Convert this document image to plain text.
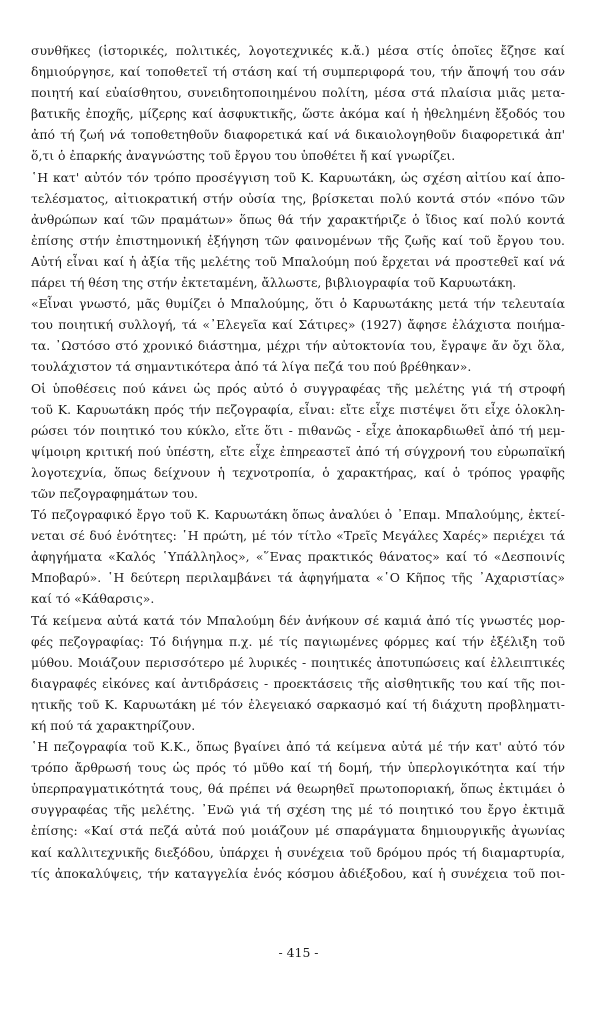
συνθῆκες (ἱστορικές, πολιτικές, λογοτεχνικές κ.ἄ.) μέσα στίς ὁποῖες ἔζησε καί
δημιούργησε, καί τοποθετεῖ τή στάση καί τή συμπεριφορά του, τήν ἄποψή του σάν
ποιητή καί εὐαίσθητου, συνειδητοποιημένου πολίτη, μέσα στά πλαίσια μιᾶς μετα-
βατικῆς ἐποχῆς, μίζερης καί ἀσφυκτικῆς, ὥστε ἀκόμα καί ἡ ἠθελημένη ἔξοδός του
ἀπό τή ζωή νά τοποθετηθοῦν διαφορετικά καί νά δικαιολογηθοῦν διαφορετικά ἀπ'
ὅ,τι ὁ ἐπαρκής ἀναγνώστης τοῦ ἔργου του ὑποθέτει ἤ καί γνωρίζει.
῾Η κατ' αὐτόν τόν τρόπο προσέγγιση τοῦ Κ. Καρυωτάκη, ὡς σχέση αἰτίου καί ἀπο-
τελέσματος, αἰτιοκρατική στήν οὐσία της, βρίσκεται πολύ κοντά στόν «πόνο τῶν
ἀνθρώπων καί τῶν πραμάτων» ὅπως θά τήν χαρακτήριζε ὁ ἴδιος καί πολύ κοντά
ἐπίσης στήν ἐπιστημονική ἐξήγηση τῶν φαινομένων τῆς ζωῆς καί τοῦ ἔργου του.
Αὐτή εἶναι καί ἡ ἀξία τῆς μελέτης τοῦ Μπαλούμη πού ἔρχεται νά προστεθεῖ καί νά
πάρει τή θέση της στήν ἐκτεταμένη, ἄλλωστε, βιβλιογραφία τοῦ Καρυωτάκη.
«Εἶναι γνωστό, μᾶς θυμίζει ὁ Μπαλούμης, ὅτι ὁ Καρυωτάκης μετά τήν τελευταία
του ποιητική συλλογή, τά «᾿Ελεγεῖα καί Σάτιρες» (1927) ἄφησε ἐλάχιστα ποιήμα-
τα. ᾿Ωστόσο στό χρονικό διάστημα, μέχρι τήν αὐτοκτονία του, ἔγραψε ἄν ὄχι ὅλα,
τουλάχιστον τά σημαντικότερα ἀπό τά λίγα πεζά του πού βρέθηκαν».
Οἱ ὑποθέσεις πού κάνει ὡς πρός αὐτό ὁ συγγραφέας τῆς μελέτης γιά τή στροφή
τοῦ Κ. Καρυωτάκη πρός τήν πεζογραφία, εἶναι: εἴτε εἶχε πιστέψει ὅτι εἶχε ὁλοκλη-
ρώσει τόν ποιητικό του κύκλο, εἴτε ὅτι - πιθανῶς - εἶχε ἀποκαρδιωθεῖ ἀπό τή μεμ-
ψίμοιρη κριτική πού ὑπέστη, εἴτε εἶχε ἐπηρεαστεῖ ἀπό τή σύγχρονή του εὐρωπαϊκή
λογοτεχνία, ὅπως δείχνουν ἡ τεχνοτροπία, ὁ χαρακτήρας, καί ὁ τρόπος γραφῆς
τῶν πεζογραφημάτων του.
Τό πεζογραφικό ἔργο τοῦ Κ. Καρυωτάκη ὅπως ἀναλύει ὁ ᾿Επαμ. Μπαλούμης, ἐκτεί-
νεται σέ δυό ἑνότητες: ῾Η πρώτη, μέ τόν τίτλο «Τρεῖς Μεγάλες Χαρές» περιέχει τά
ἀφηγήματα «Καλός ῾Υπάλληλος», «῞Ενας πρακτικός θάνατος» καί τό «Δεσποινίς
Μποβαρύ». ῾Η δεύτερη περιλαμβάνει τά ἀφηγήματα «῾Ο Κῆπος τῆς ᾿Αχαριστίας»
καί τό «Κάθαρσις».
Τά κείμενα αὐτά κατά τόν Μπαλούμη δέν ἀνήκουν σέ καμιά ἀπό τίς γνωστές μορ-
φές πεζογραφίας: Τό διήγημα π.χ. μέ τίς παγιωμένες φόρμες καί τήν ἐξέλιξη τοῦ
μύθου. Μοιάζουν περισσότερο μέ λυρικές - ποιητικές ἀποτυπώσεις καί ἐλλειπτικές
διαγραφές εἰκόνες καί ἀντιδράσεις - προεκτάσεις τῆς αἰσθητικῆς του καί τῆς ποι-
ητικῆς τοῦ Κ. Καρυωτάκη μέ τόν ἐλεγειακό σαρκασμό καί τή διάχυτη προβληματι-
κή πού τά χαρακτηρίζουν.
῾Η πεζογραφία τοῦ Κ.Κ., ὅπως βγαίνει ἀπό τά κείμενα αὐτά μέ τήν κατ' αὐτό τόν
τρόπο ἄρθρωσή τους ὡς πρός τό μῦθο καί τή δομή, τήν ὑπερλογικότητα καί τήν
ὑπερπραγματικότητά τους, θά πρέπει νά θεωρηθεῖ πρωτοποριακή, ὅπως ἐκτιμάει ὁ
συγγραφέας τῆς μελέτης. ᾿Ενῶ γιά τή σχέση της μέ τό ποιητικό του ἔργο ἐκτιμᾶ
ἐπίσης: «Καί στά πεζά αὐτά πού μοιάζουν μέ σπαράγματα δημιουργικῆς ἀγωνίας
καί καλλιτεχνικῆς διεξόδου, ὑπάρχει ἡ συνέχεια τοῦ δρόμου πρός τή διαμαρτυρία,
τίς ἀποκαλύψεις, τήν καταγγελία ἑνός κόσμου ἀδιέξοδου, καί ἡ συνέχεια τοῦ ποι-
- 415 -
